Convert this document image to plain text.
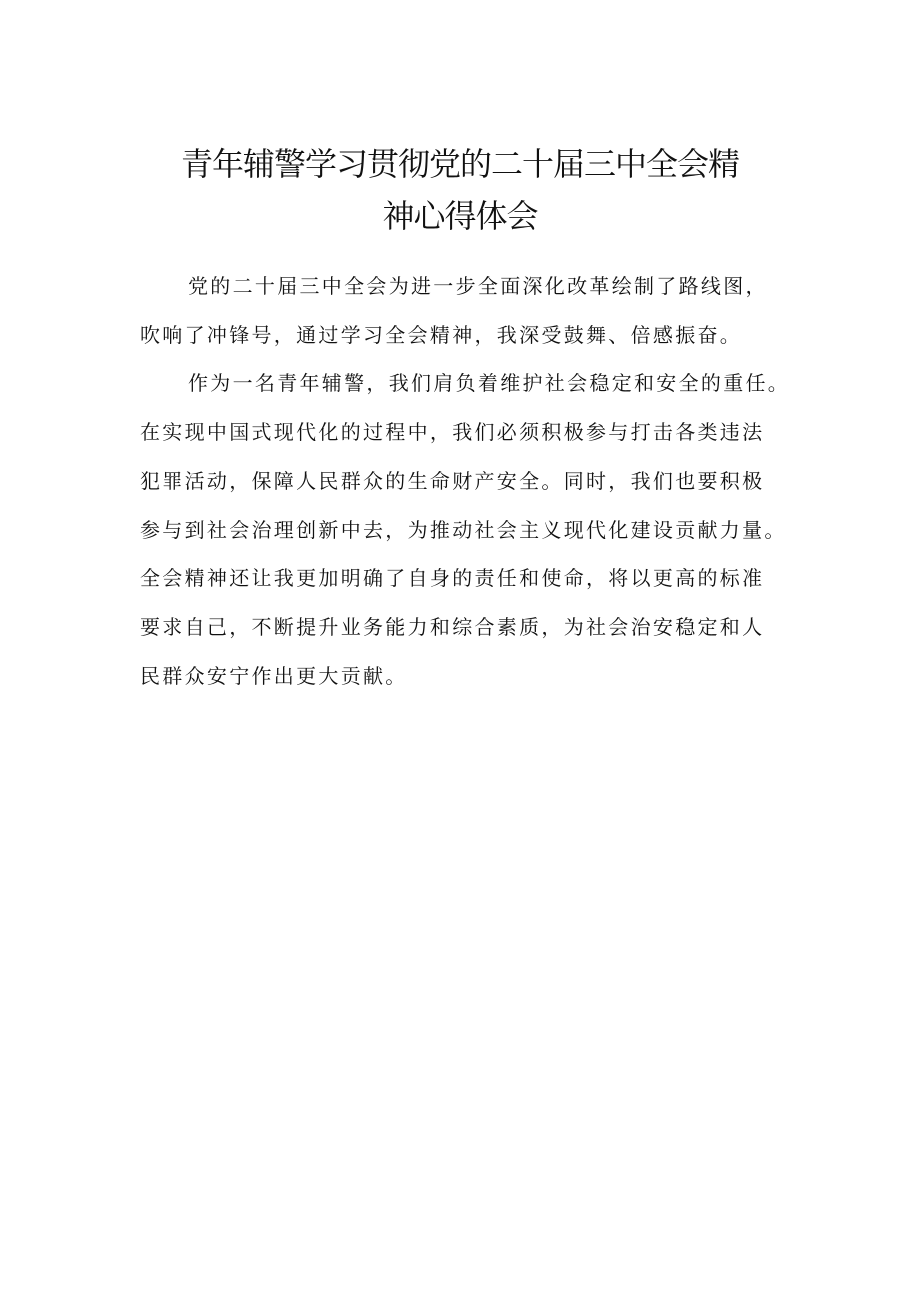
青年辅警学习贯彻党的二十届三中全会精
神心得体会
党的二十届三中全会为进一步全面深化改革绘制了路线图，
吹响了冲锋号，通过学习全会精神，我深受鼓舞、倍感振奋。
作为一名青年辅警，我们肩负着维护社会稳定和安全的重任。
在实现中国式现代化的过程中，我们必须积极参与打击各类违法
犯罪活动，保障人民群众的生命财产安全。同时，我们也要积极
参与到社会治理创新中去，为推动社会主义现代化建设贡献力量。
全会精神还让我更加明确了自身的责任和使命，将以更高的标准
要求自己，不断提升业务能力和综合素质，为社会治安稳定和人
民群众安宁作出更大贡献。
